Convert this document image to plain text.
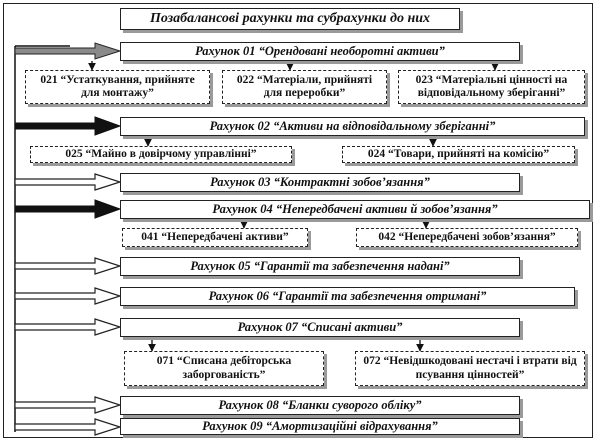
Позабалансові рахунки та субрахунки до них
Рахунок 01 “Орендовані необоротні активи”
Рахунок 02 “Активи на відповідальному зберіганні”
Рахунок 03 “Контрактні зобов’язання”
Рахунок 04 “Непередбачені активи й зобов’язання”
Рахунок 05 “Гарантії та забезпечення надані”
Рахунок 06 “Гарантії та забезпечення отримані”
Рахунок 07 “Списані активи”
Рахунок 08 “Бланки суворого обліку”
Рахунок 09 “Амортизаційні відрахування”
021 “Устаткування, прийняте для монтажу”
022 “Матеріали, прийняті для переробки”
023 “Матеріальні цінності на відповідальному зберіганні”
025 “Майно в довірчому управлінні”	024 “Товари, прийняті на комісію”
041 “Непередбачені активи”	042 “Непередбачені зобов’язання”
071 “Списана дебіторська заборгованість”
072 “Невідшкодовані нестачі і втрати від псування цінностей”
